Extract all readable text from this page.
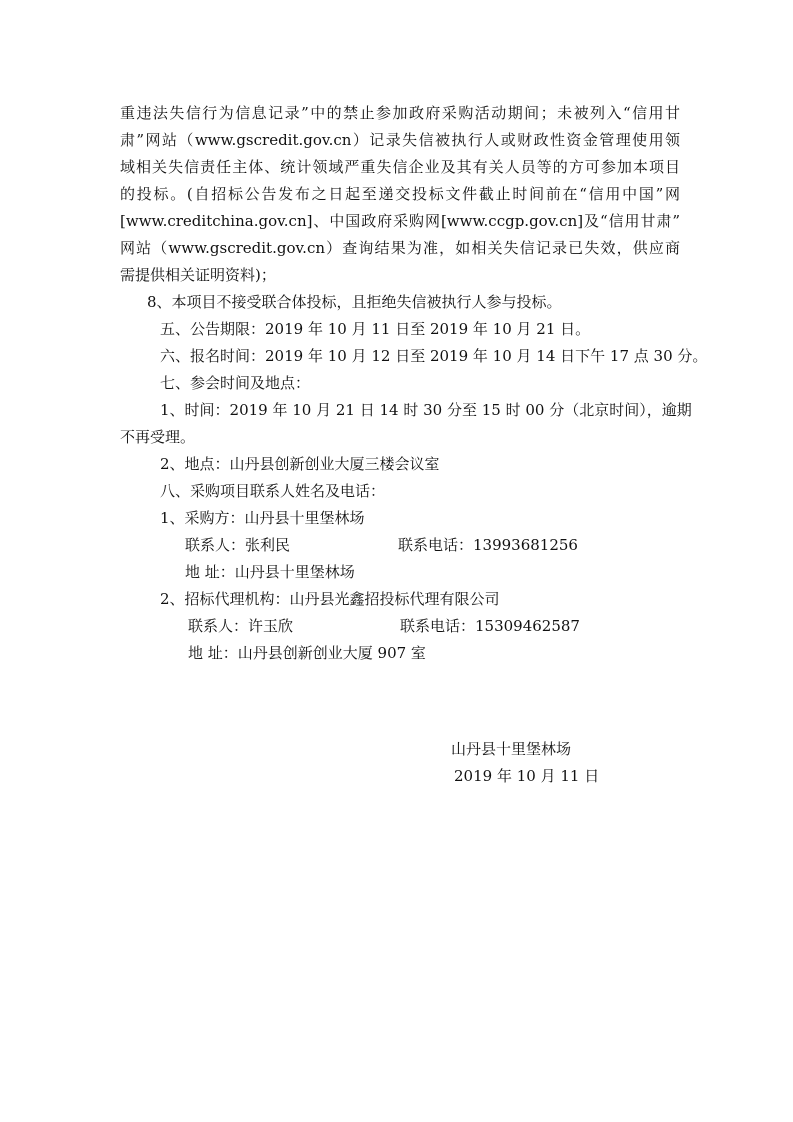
重违法失信行为信息记录”中的禁止参加政府采购活动期间；未被列入“信用甘
肃”网站（www.gscredit.gov.cn）记录失信被执行人或财政性资金管理使用领
域相关失信责任主体、统计领域严重失信企业及其有关人员等的方可参加本项目
的投标。(自招标公告发布之日起至递交投标文件截止时间前在“信用中国”网
[www.creditchina.gov.cn]、中国政府采购网[www.ccgp.gov.cn]及“信用甘肃”
网站（www.gscredit.gov.cn）查询结果为准，如相关失信记录已失效，供应商
需提供相关证明资料)；
8、本项目不接受联合体投标，且拒绝失信被执行人参与投标。
五、公告期限：2019 年 10 月 11 日至 2019 年 10 月 21 日。
六、报名时间：2019 年 10 月 12 日至 2019 年 10 月 14 日下午 17 点 30 分。
七、参会时间及地点：
1、时间：2019 年 10 月 21 日 14 时 30 分至 15 时 00 分（北京时间），逾期
不再受理。
2、地点：山丹县创新创业大厦三楼会议室
八、采购项目联系人姓名及电话：
1、采购方：山丹县十里堡林场
联系人：张利民	联系电话：13993681256
地 址：山丹县十里堡林场
2、招标代理机构：山丹县光鑫招投标代理有限公司
联系人：许玉欣	联系电话：15309462587
地 址：山丹县创新创业大厦 907 室
山丹县十里堡林场
2019 年 10 月 11 日
